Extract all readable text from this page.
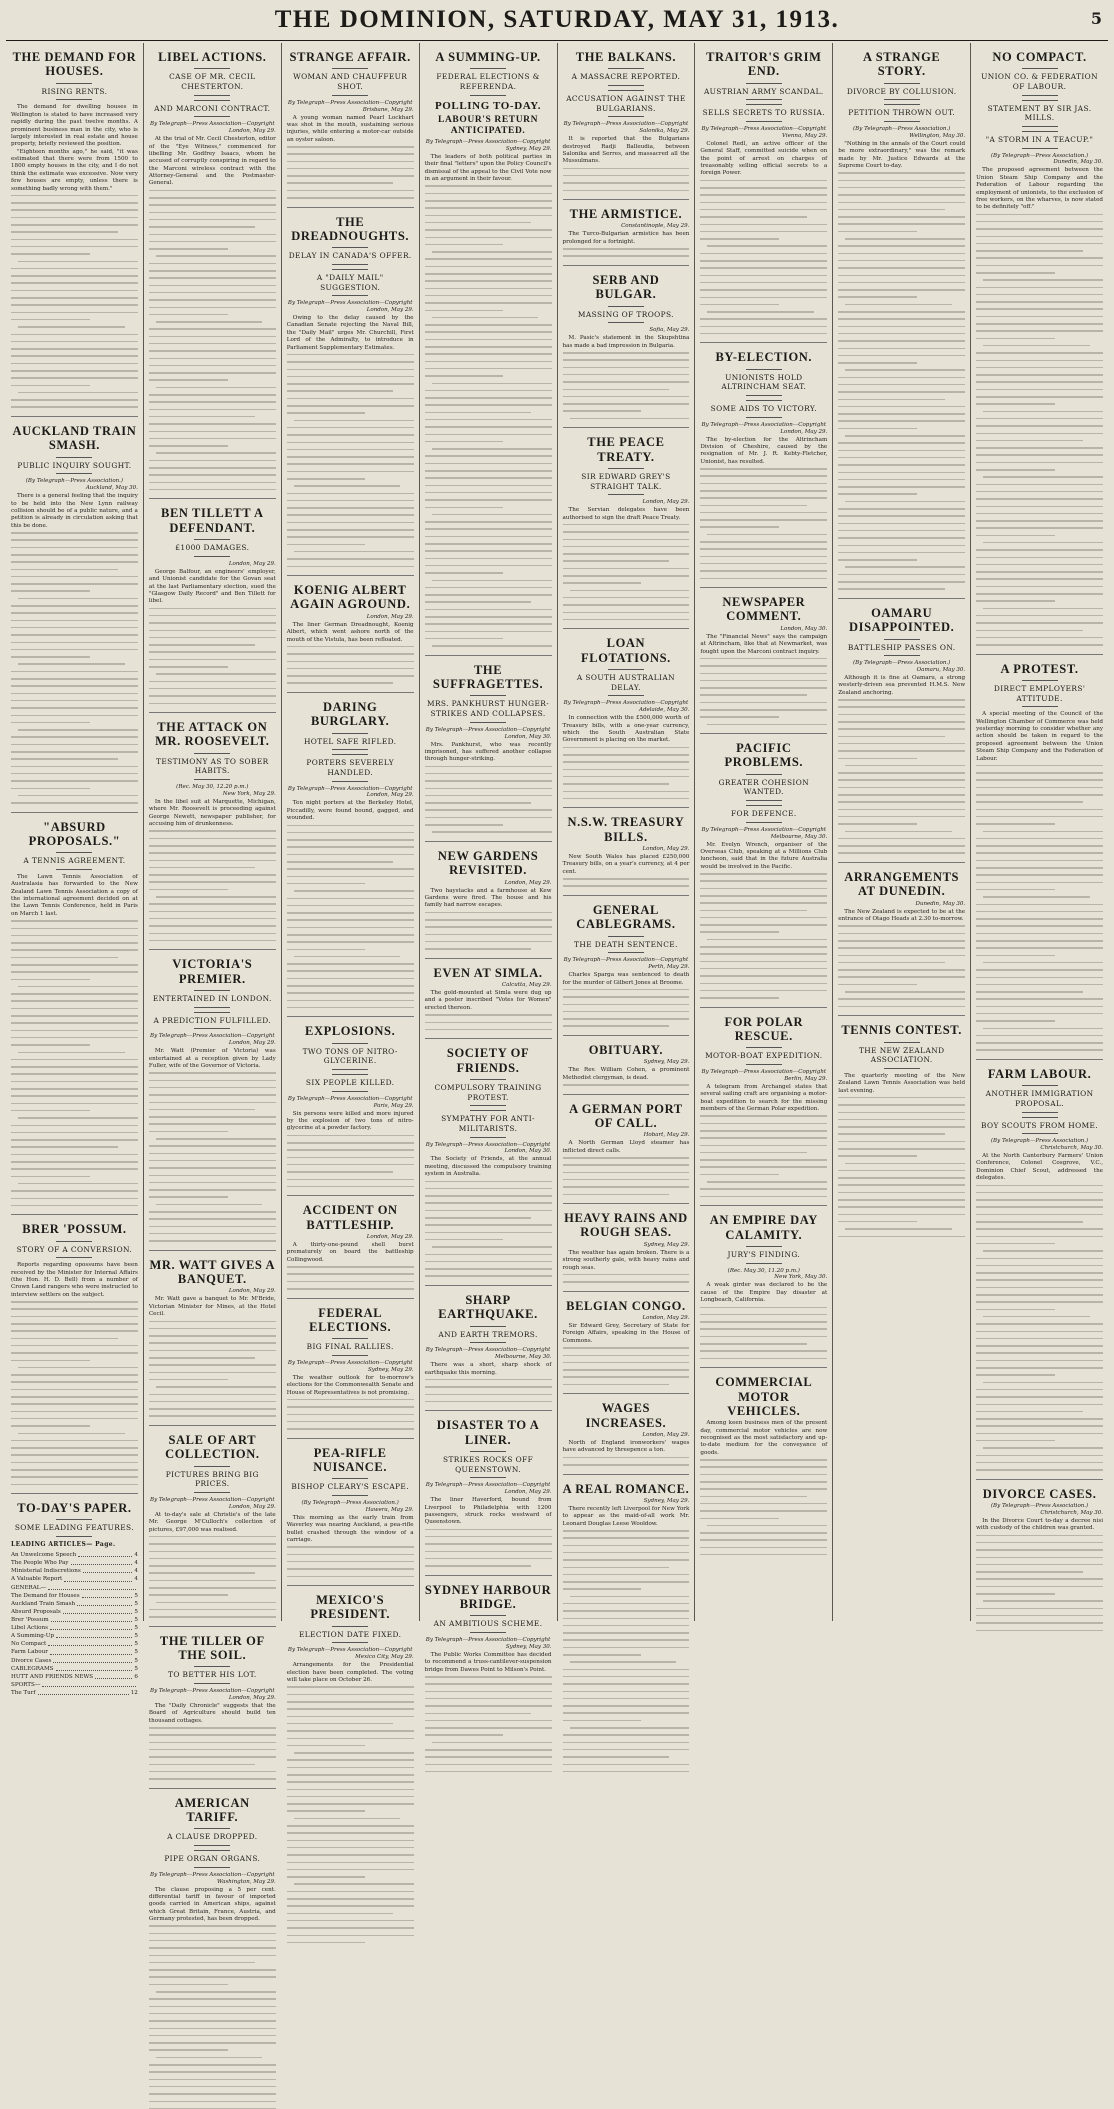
THE DOMINION, SATURDAY, MAY 31, 1913.	5
THE DEMAND FOR HOUSES.
RISING RENTS.

The demand for dwelling houses in Wellington is stated to have increased very rapidly during the past twelve months. A prominent business man in the city, who is largely interested in real estate and house property, briefly reviewed the position.

"Eighteen months ago," he said, "it was estimated that there were from 1500 to 1800 empty houses in the city, and I do not think the estimate was excessive. Now very few houses are empty, unless there is something badly wrong with them."

AUCKLAND TRAIN SMASH.
PUBLIC INQUIRY SOUGHT.
(By Telegraph—Press Association.)
Auckland, May 30.

There is a general feeling that the inquiry to be held into the New Lynn railway collision should be of a public nature, and a petition is already in circulation asking that this be done.

"ABSURD PROPOSALS."
A TENNIS AGREEMENT.

The Lawn Tennis Association of Australasia has forwarded to the New Zealand Lawn Tennis Association a copy of the international agreement decided on at the Lawn Tennis Conference, held in Paris on March 1 last.

BRER 'POSSUM.
STORY OF A CONVERSION.

Reports regarding opossums have been received by the Minister for Internal Affairs (the Hon. H. D. Bell) from a number of Crown Land rangers who were instructed to interview settlers on the subject.

TO-DAY'S PAPER.
SOME LEADING FEATURES.
LEADING ARTICLES— Page.
An Unwelcome Speech	4
The People Who Pay	4
Ministerial Indiscretions	4
A Valuable Report	4
GENERAL—
The Demand for Houses	5
Auckland Train Smash	5
Absurd Proposals	5
Brer 'Possum	5
Libel Actions	5
A Summing-Up	5
No Compact	5
Farm Labour	5
Divorce Cases	5
CABLEGRAMS	5
HUTT AND FRIENDS NEWS	6
SPORTS—
The Turf	12
LIBEL ACTIONS.
CASE OF MR. CECIL CHESTERTON.
AND MARCONI CONTRACT.
By Telegraph—Press Association—Copyright
London, May 29.

At the trial of Mr. Cecil Chesterton, editor of the "Eye Witness," commenced for libelling Mr. Godfrey Isaacs, whom he accused of corruptly conspiring in regard to the Marconi wireless contract with the Attorney-General and the Postmaster-General.

BEN TILLETT A DEFENDANT.
£1000 DAMAGES.
London, May 29.

George Balfour, an engineers' employer, and Unionist candidate for the Govan seat at the last Parliamentary election, sued the "Glasgow Daily Record" and Ben Tillett for libel.

THE ATTACK ON MR. ROOSEVELT.
TESTIMONY AS TO SOBER HABITS.
(Rec. May 30, 12.20 p.m.)
New York, May 29.

In the libel suit at Marquette, Michigan, where Mr. Roosevelt is proceeding against George Newett, newspaper publisher, for accusing him of drunkenness.

VICTORIA'S PREMIER.
ENTERTAINED IN LONDON.
A PREDICTION FULFILLED.
By Telegraph—Press Association—Copyright
London, May 29.

Mr. Watt (Premier of Victoria) was entertained at a reception given by Lady Fuller, wife of the Governor of Victoria.

MR. WATT GIVES A BANQUET.
London, May 29.

Mr. Watt gave a banquet to Mr. M'Bride, Victorian Minister for Mines, at the Hotel Cecil.

SALE OF ART COLLECTION.
PICTURES BRING BIG PRICES.
By Telegraph—Press Association—Copyright
London, May 29.

At to-day's sale at Christie's of the late Mr. George M'Culloch's collection of pictures, £97,000 was realised.

THE TILLER OF THE SOIL.
TO BETTER HIS LOT.
By Telegraph—Press Association—Copyright
London, May 29.

The "Daily Chronicle" suggests that the Board of Agriculture should build ten thousand cottages.

AMERICAN TARIFF.
A CLAUSE DROPPED.
PIPE ORGAN ORGANS.
By Telegraph—Press Association—Copyright
Washington, May 29.

The clause proposing a 5 per cent. differential tariff in favour of imported goods carried in American ships, against which Great Britain, France, Austria, and Germany protested, has been dropped.

STRANGE AFFAIR.
WOMAN AND CHAUFFEUR SHOT.
By Telegraph—Press Association—Copyright
Brisbane, May 29.

A young woman named Pearl Lockhart was shot in the mouth, sustaining serious injuries, while entering a motor-car outside an oyster saloon.

THE DREADNOUGHTS.
DELAY IN CANADA'S OFFER.
A "DAILY MAIL" SUGGESTION.
By Telegraph—Press Association—Copyright
London, May 29.

Owing to the delay caused by the Canadian Senate rejecting the Naval Bill, the "Daily Mail" urges Mr. Churchill, First Lord of the Admiralty, to introduce in Parliament Supplementary Estimates.

KOENIG ALBERT AGAIN AGROUND.
London, May 29.

The liner German Dreadnought, Koenig Albert, which went ashore north of the mouth of the Vistula, has been refloated.

DARING BURGLARY.
HOTEL SAFE RIFLED.
PORTERS SEVERELY HANDLED.
By Telegraph—Press Association—Copyright
London, May 29.

Ten night porters at the Berkeley Hotel, Piccadilly, were found bound, gagged, and wounded.

EXPLOSIONS.
TWO TONS OF NITRO-GLYCERINE.
SIX PEOPLE KILLED.
By Telegraph—Press Association—Copyright
Paris, May 29.

Six persons were killed and more injured by the explosion of two tons of nitro-glycerine at a powder factory.

ACCIDENT ON BATTLESHIP.
London, May 29.

A thirty-one-pound shell burst prematurely on board the battleship Collingwood.

FEDERAL ELECTIONS.
BIG FINAL RALLIES.
By Telegraph—Press Association—Copyright
Sydney, May 29.

The weather outlook for to-morrow's elections for the Commonwealth Senate and House of Representatives is not promising.

PEA-RIFLE NUISANCE.
BISHOP CLEARY'S ESCAPE.
(By Telegraph—Press Association.)
Hawera, May 29.

This morning as the early train from Waverley was nearing Auckland, a pea-rifle bullet crashed through the window of a carriage.

MEXICO'S PRESIDENT.
ELECTION DATE FIXED.
By Telegraph—Press Association—Copyright
Mexico City, May 29.

Arrangements for the Presidential election have been completed. The voting will take place on October 26.

A SUMMING-UP.
FEDERAL ELECTIONS & REFERENDA.
POLLING TO-DAY.
LABOUR'S RETURN ANTICIPATED.
By Telegraph—Press Association—Copyright
Sydney, May 29.

The leaders of both political parties in their final "letters" upon the Policy Council's dismissal of the appeal to the Civil Vote now in an argument in their favour.

THE SUFFRAGETTES.
MRS. PANKHURST HUNGER-STRIKES AND COLLAPSES.
By Telegraph—Press Association—Copyright
London, May 30.

Mrs. Pankhurst, who was recently imprisoned, has suffered another collapse through hunger-striking.

NEW GARDENS REVISITED.
London, May 29.

Two haystacks and a farmhouse at Kew Gardens were fired. The house and his family had narrow escapes.

EVEN AT SIMLA.
Calcutta, May 29.

The gold-mounted at Simla were dug up and a poster inscribed "Votes for Women" erected thereon.

SOCIETY OF FRIENDS.
COMPULSORY TRAINING PROTEST.
SYMPATHY FOR ANTI-MILITARISTS.
By Telegraph—Press Association—Copyright
London, May 30.

The Society of Friends, at the annual meeting, discussed the compulsory training system in Australia.

SHARP EARTHQUAKE.
AND EARTH TREMORS.
By Telegraph—Press Association—Copyright
Melbourne, May 30.

There was a short, sharp shock of earthquake this morning.

DISASTER TO A LINER.
STRIKES ROCKS OFF QUEENSTOWN.
By Telegraph—Press Association—Copyright
London, May 29.

The liner Haverford, bound from Liverpool to Philadelphia with 1200 passengers, struck rocks westward of Queenstown.

SYDNEY HARBOUR BRIDGE.
AN AMBITIOUS SCHEME.
By Telegraph—Press Association—Copyright
Sydney, May 30.

The Public Works Committee has decided to recommend a truss-cantilever-suspension bridge from Dawes Point to Milson's Point.

THE BALKANS.
A MASSACRE REPORTED.
ACCUSATION AGAINST THE BULGARIANS.
By Telegraph—Press Association—Copyright
Salonika, May 29.

It is reported that the Bulgarians destroyed Radji Balleudia, between Salonika and Serres, and massacred all the Mussulmans.

THE ARMISTICE.
Constantinople, May 29.

The Turco-Bulgarian armistice has been prolonged for a fortnight.

SERB AND BULGAR.
MASSING OF TROOPS.
Sofia, May 29.

M. Pasic's statement in the Skupshtina has made a bad impression in Bulgaria.

THE PEACE TREATY.
SIR EDWARD GREY'S STRAIGHT TALK.
London, May 29.

The Servian delegates have been authorised to sign the draft Peace Treaty.

LOAN FLOTATIONS.
A SOUTH AUSTRALIAN DELAY.
By Telegraph—Press Association—Copyright
Adelaide, May 30.

In connection with the £500,000 worth of Treasury bills, with a one-year currency, which the South Australian State Government is placing on the market.

N.S.W. TREASURY BILLS.
London, May 29.

New South Wales has placed £250,000 Treasury bills, on a year's currency, at 4 per cent.

GENERAL CABLEGRAMS.
THE DEATH SENTENCE.
By Telegraph—Press Association—Copyright
Perth, May 29.

Charles Sparga was sentenced to death for the murder of Gilbert Jones at Broome.

OBITUARY.
Sydney, May 29.

The Rev. William Cohen, a prominent Methodist clergyman, is dead.

A GERMAN PORT OF CALL.
Hobart, May 29.

A North German Lloyd steamer has inflicted direct calls.

HEAVY RAINS AND ROUGH SEAS.
Sydney, May 29.

The weather has again broken. There is a strong southerly gale, with heavy rains and rough seas.

BELGIAN CONGO.
London, May 29.

Sir Edward Grey, Secretary of State for Foreign Affairs, speaking in the House of Commons.

WAGES INCREASES.
London, May 29.

North of England ironworkers' wages have advanced by threepence a ton.

A REAL ROMANCE.
Sydney, May 29.

There recently left Liverpool for New York to appear as the maid-of-all work Mr. Leonard Douglas Leese Wooldow.

TRAITOR'S GRIM END.
AUSTRIAN ARMY SCANDAL.
SELLS SECRETS TO RUSSIA.
By Telegraph—Press Association—Copyright
Vienna, May 29.

Colonel Redl, an active officer of the General Staff, committed suicide when on the point of arrest on charges of treasonably selling official secrets to a foreign Power.

BY-ELECTION.
UNIONISTS HOLD ALTRINCHAM SEAT.
SOME AIDS TO VICTORY.
By Telegraph—Press Association—Copyright
London, May 29.

The by-election for the Altrincham Division of Cheshire, caused by the resignation of Mr. J. R. Kebty-Fletcher, Unionist, has resulted.

NEWSPAPER COMMENT.
London, May 30.

The "Financial News" says the campaign at Altrincham, like that at Newmarket, was fought upon the Marconi contract inquiry.

PACIFIC PROBLEMS.
GREATER COHESION WANTED.
FOR DEFENCE.
By Telegraph—Press Association—Copyright
Melbourne, May 30.

Mr. Evelyn Wrench, organiser of the Overseas Club, speaking at a Millions Club luncheon, said that in the future Australia would be involved in the Pacific.

FOR POLAR RESCUE.
MOTOR-BOAT EXPEDITION.
By Telegraph—Press Association—Copyright
Berlin, May 29.

A telegram from Archangel states that several sailing craft are organising a motor-boat expedition to search for the missing members of the German Polar expedition.

AN EMPIRE DAY CALAMITY.
JURY'S FINDING.
(Rec. May 30, 11.20 p.m.)
New York, May 30.

A weak girder was declared to be the cause of the Empire Day disaster at Longbeach, California.

COMMERCIAL MOTOR VEHICLES.

Among keen business men of the present day, commercial motor vehicles are now recognised as the most satisfactory and up-to-date medium for the conveyance of goods.

A STRANGE STORY.
DIVORCE BY COLLUSION.
PETITION THROWN OUT.
(By Telegraph—Press Association.)
Wellington, May 30.

"Nothing in the annals of the Court could be more extraordinary," was the remark made by Mr. Justice Edwards at the Supreme Court to-day.

OAMARU DISAPPOINTED.
BATTLESHIP PASSES ON.
(By Telegraph—Press Association.)
Oamaru, May 30.

Although it is fine at Oamaru, a strong westerly-driven sea prevented H.M.S. New Zealand anchoring.

ARRANGEMENTS AT DUNEDIN.
Dunedin, May 30.

The New Zealand is expected to be at the entrance of Otago Heads at 2.30 to-morrow.

TENNIS CONTEST.
THE NEW ZEALAND ASSOCIATION.

The quarterly meeting of the New Zealand Lawn Tennis Association was held last evening.

NO COMPACT.
UNION CO. & FEDERATION OF LABOUR.
STATEMENT BY SIR JAS. MILLS.
"A STORM IN A TEACUP."
(By Telegraph—Press Association.)
Dunedin, May 30.

The proposed agreement between the Union Steam Ship Company and the Federation of Labour regarding the employment of unionists, to the exclusion of free workers, on the wharves, is now stated to be definitely "off."

A PROTEST.
DIRECT EMPLOYERS' ATTITUDE.

A special meeting of the Council of the Wellington Chamber of Commerce was held yesterday morning to consider whether any action should be taken in regard to the proposed agreement between the Union Steam Ship Company and the Federation of Labour.

FARM LABOUR.
ANOTHER IMMIGRATION PROPOSAL.
BOY SCOUTS FROM HOME.
(By Telegraph—Press Association.)
Christchurch, May 30.

At the North Canterbury Farmers' Union Conference, Colonel Cosgrove, V.C., Dominion Chief Scout, addressed the delegates.

DIVORCE CASES.
(By Telegraph—Press Association.)
Christchurch, May 30.

In the Divorce Court to-day a decree nisi with custody of the children was granted.
